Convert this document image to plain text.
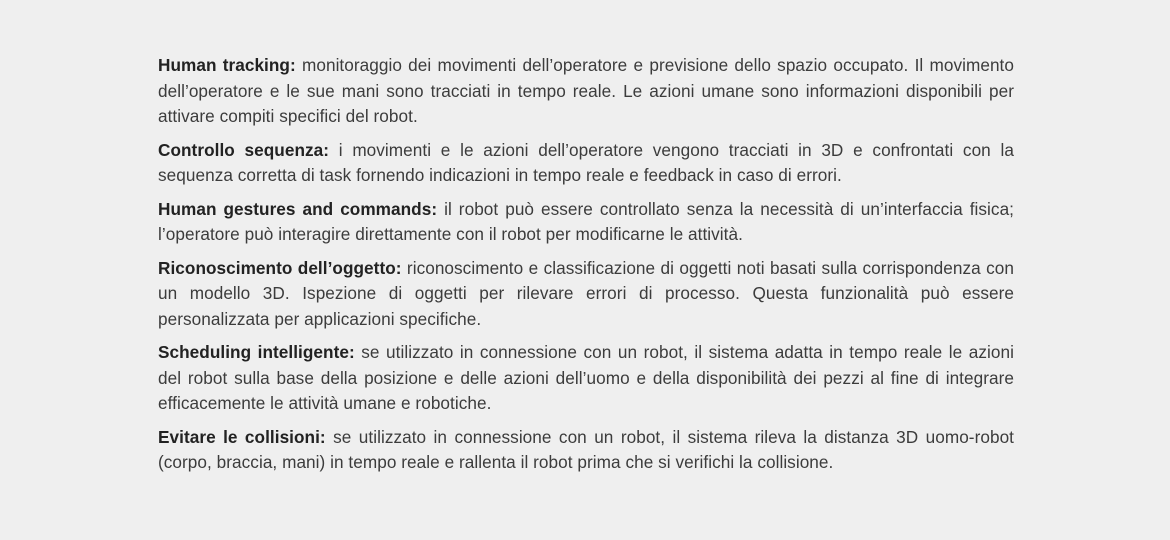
Human tracking: monitoraggio dei movimenti dell’operatore e previsione dello spazio occupato. Il movimento dell’operatore e le sue mani sono tracciati in tempo reale. Le azioni umane sono informazioni disponibili per attivare compiti specifici del robot.

Controllo sequenza: i movimenti e le azioni dell’operatore vengono tracciati in 3D e confrontati con la sequenza corretta di task fornendo indicazioni in tempo reale e feedback in caso di errori.

Human gestures and commands: il robot può essere controllato senza la necessità di un’interfaccia fisica; l’operatore può interagire direttamente con il robot per modificarne le attività.

Riconoscimento dell’oggetto: riconoscimento e classificazione di oggetti noti basati sulla corrispondenza con un modello 3D. Ispezione di oggetti per rilevare errori di processo. Questa funzionalità può essere personalizzata per applicazioni specifiche.

Scheduling intelligente: se utilizzato in connessione con un robot, il sistema adatta in tempo reale le azioni del robot sulla base della posizione e delle azioni dell’uomo e della disponibilità dei pezzi al fine di integrare efficacemente le attività umane e robotiche.

Evitare le collisioni: se utilizzato in connessione con un robot, il sistema rileva la distanza 3D uomo-robot (corpo, braccia, mani) in tempo reale e rallenta il robot prima che si verifichi la collisione.
